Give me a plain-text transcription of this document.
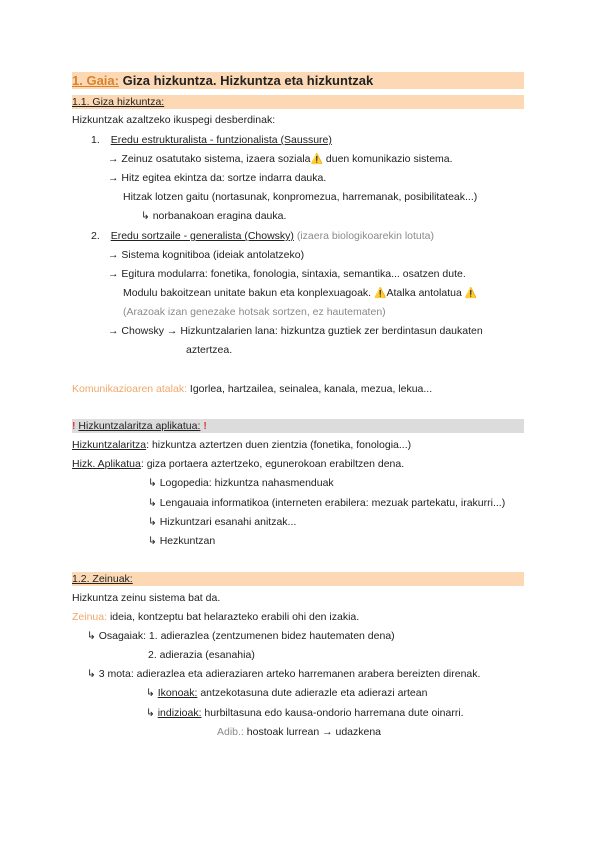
1. Gaia: Giza hizkuntza. Hizkuntza eta hizkuntzak
1.1. Giza hizkuntza:
Hizkuntzak azaltzeko ikuspegi desberdinak:
1. Eredu estrukturalista - funtzionalista (Saussure)
→ Zeinuz osatutako sistema, izaera soziala⚠️ duen komunikazio sistema.
→ Hitz egitea ekintza da: sortze indarra dauka.
Hitzak lotzen gaitu (nortasunak, konpromezua, harremanak, posibilitateak...)
↳ norbanakoan eragina dauka.
2. Eredu sortzaile - generalista (Chowsky) (izaera biologikoarekin lotuta)
→ Sistema kognitiboa (ideiak antolatzeko)
→ Egitura modularra: fonetika, fonologia, sintaxia, semantika... osatzen dute.
Modulu bakoitzean unitate bakun eta konplexuagoak. ⚠️Atalka antolatua ⚠️
(Arazoak izan genezake hotsak sortzen, ez hautematen)
→ Chowsky → Hizkuntzalarien lana: hizkuntza guztiek zer berdintasun daukaten
aztertzea.
Komunikazioaren atalak: Igorlea, hartzailea, seinalea, kanala, mezua, lekua...
! Hizkuntzalaritza aplikatua: !
Hizkuntzalaritza: hizkuntza aztertzen duen zientzia (fonetika, fonologia...)
Hizk. Aplikatua: giza portaera aztertzeko, egunerokoan erabiltzen dena.
↳ Logopedia: hizkuntza nahasmenduak
↳ Lengauaia informatikoa (interneten erabilera: mezuak partekatu, irakurri...)
↳ Hizkuntzari esanahi anitzak...
↳ Hezkuntzan
1.2. Zeinuak:
Hizkuntza zeinu sistema bat da.
Zeinua: ideia, kontzeptu bat helarazteko erabili ohi den izakia.
↳ Osagaiak: 1. adierazlea (zentzumenen bidez hautematen dena)
2. adierazia (esanahia)
↳ 3 mota: adierazlea eta adieraziaren arteko harremanen arabera bereizten direnak.
↳ Ikonoak: antzekotasuna dute adierazle eta adierazi artean
↳ indizioak: hurbiltasuna edo kausa-ondorio harremana dute oinarri.
Adib.: hostoak lurrean → udazkena
